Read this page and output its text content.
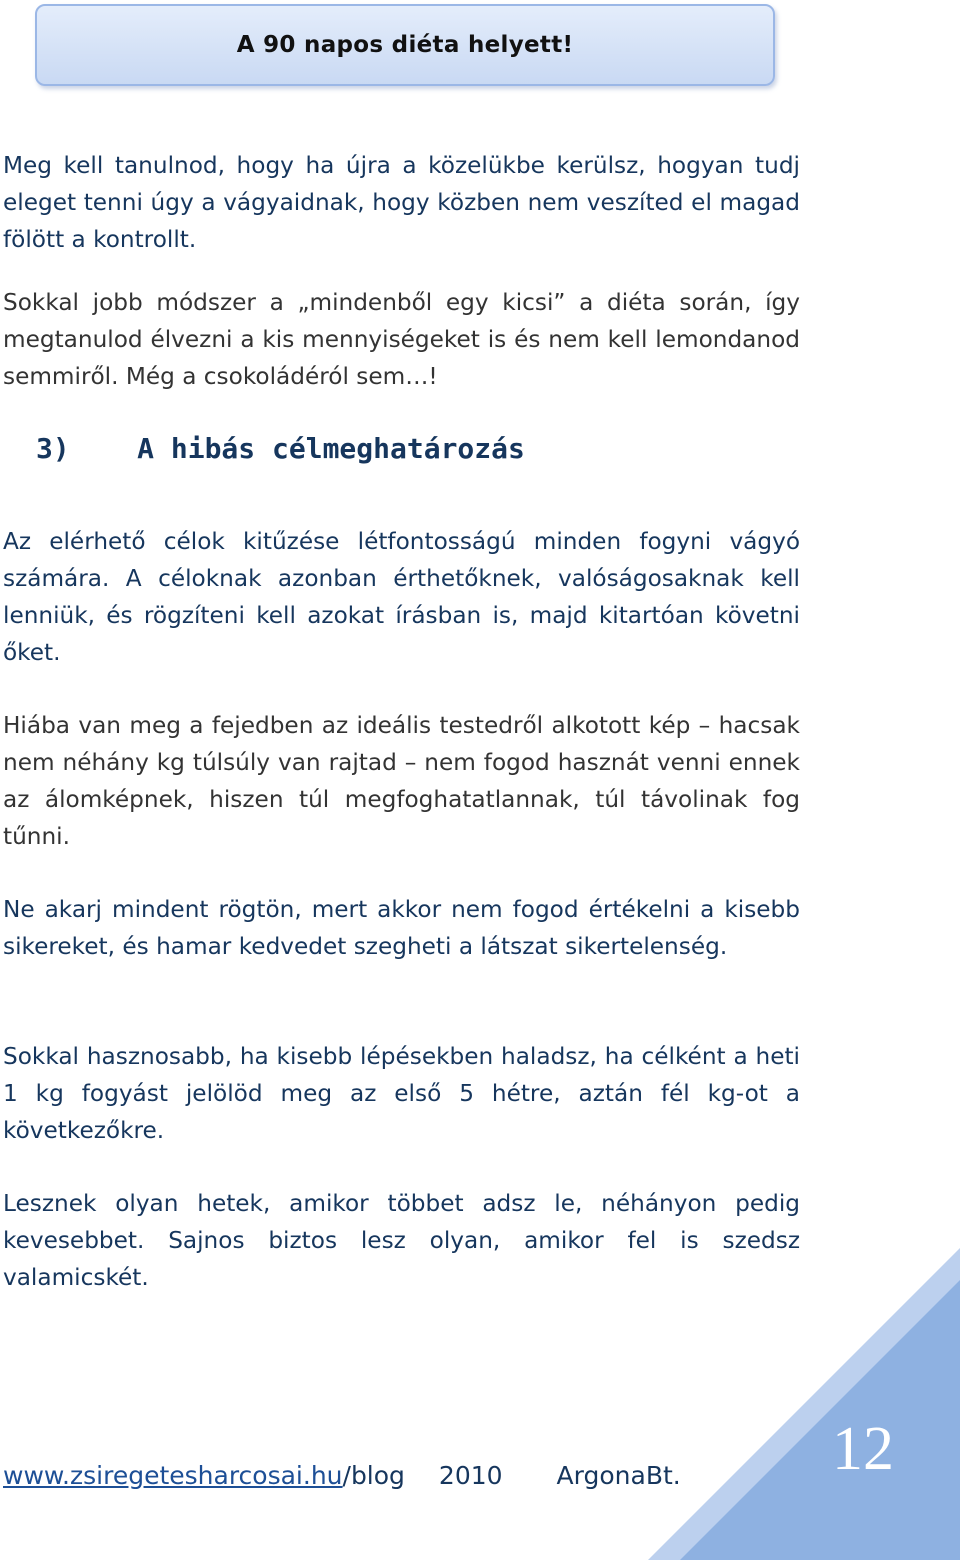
A 90 napos diéta helyett!

Meg kell tanulnod, hogy ha újra a közelükbe kerülsz, hogyan tudj eleget tenni úgy a vágyaidnak, hogy közben nem veszíted el magad fölött a kontrollt.

Sokkal jobb módszer a „mindenből egy kicsi” a diéta során, így megtanulod élvezni a kis mennyiségeket is és nem kell lemondanod semmiről. Még a csokoládéról sem…!

3)    A hibás célmeghatározás

Az elérhető célok kitűzése létfontosságú minden fogyni vágyó számára. A céloknak azonban érthetőknek, valóságosaknak kell lenniük, és rögzíteni kell azokat írásban is, majd kitartóan követni őket.

Hiába van meg a fejedben az ideális testedről alkotott kép – hacsak nem néhány kg túlsúly van rajtad – nem fogod hasznát venni ennek az álomképnek, hiszen túl megfoghatatlannak, túl távolinak fog tűnni.

Ne akarj mindent rögtön, mert akkor nem fogod értékelni a kisebb sikereket, és hamar kedvedet szegheti a látszat sikertelenség.

Sokkal hasznosabb, ha kisebb lépésekben haladsz, ha célként a heti 1 kg fogyást jelölöd meg az első 5 hétre, aztán fél kg-ot a következőkre.

Lesznek olyan hetek, amikor többet adsz le, néhányon pedig kevesebbet. Sajnos biztos lesz olyan, amikor fel is szedsz valamicskét.

www.zsiregetesharcosai.hu/blog 2010 ArgonaBt. 12
